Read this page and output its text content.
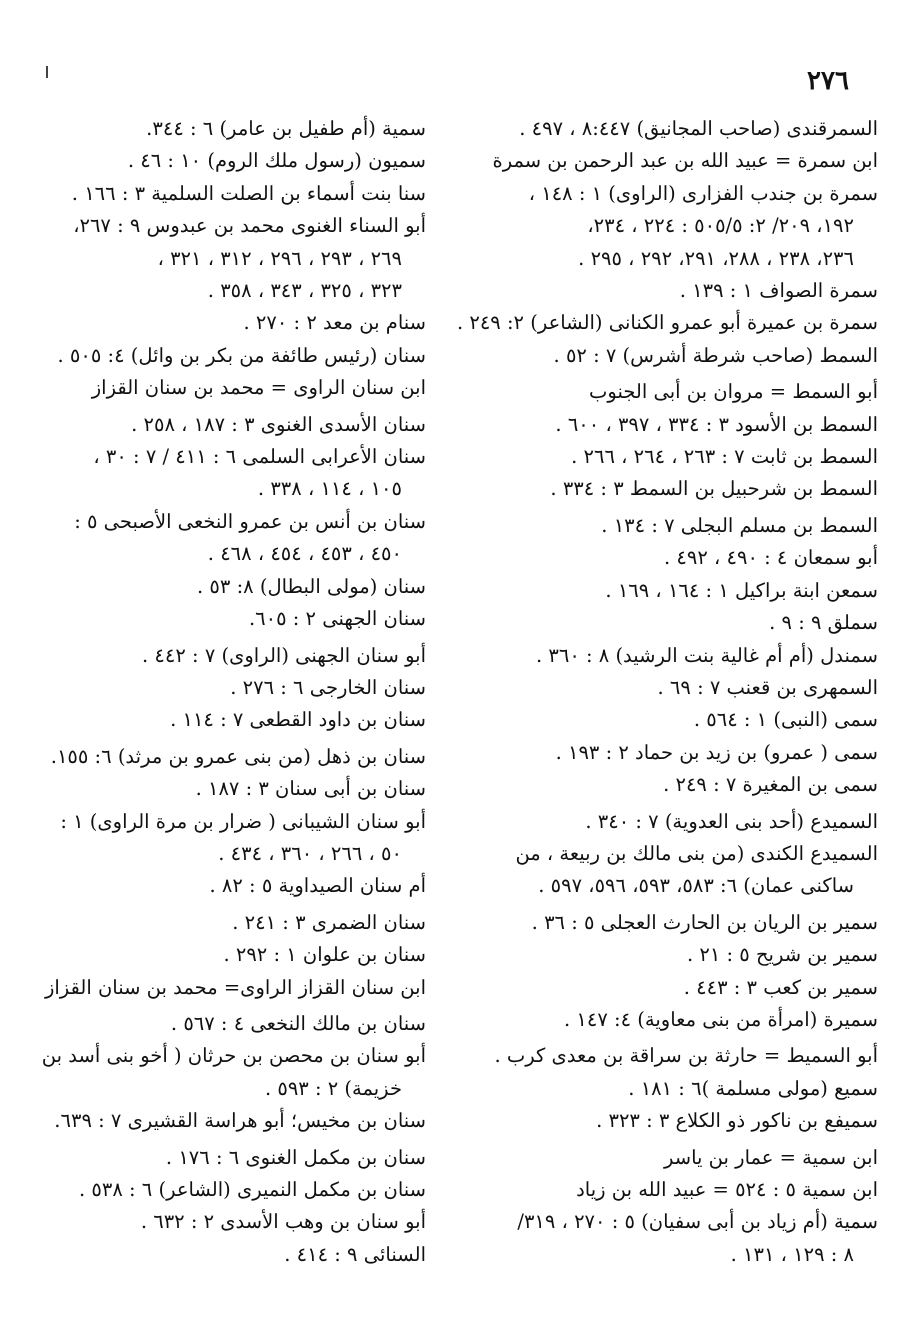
٢٧٦

السمرقندى (صاحب المجانيق) ٨:٤٤٧ ، ٤٩٧ .

ابن سمرة = عبيد الله بن عبد الرحمن بن سمرة

سمرة بن جندب الفزارى (الراوى) ١ : ١٤٨ ،

١٩٢، ٢٠٩/ ٢: ٥٠٥/٥ : ٢٢٤ ، ٢٣٤،

٢٣٦، ٢٣٨ ، ٢٨٨، ٢٩١، ٢٩٢ ، ٢٩٥ .

سمرة الصواف ١ : ١٣٩ .

سمرة بن عميرة أبو عمرو الكنانى (الشاعر) ٢: ٢٤٩ .

السمط (صاحب شرطة أشرس) ٧ : ٥٢ .

أبو السمط = مروان بن أبى الجنوب

السمط بن الأسود ٣ : ٣٣٤ ، ٣٩٧ ، ٦٠٠ .

السمط بن ثابت ٧ : ٢٦٣ ، ٢٦٤ ، ٢٦٦ .

السمط بن شرحبيل بن السمط ٣ : ٣٣٤ .

السمط بن مسلم البجلى ٧ : ١٣٤ .

أبو سمعان ٤ : ٤٩٠ ، ٤٩٢ .

سمعن ابنة براكيل ١ : ١٦٤ ، ١٦٩ .

سملق ٩ : ٩ .

سمندل (أم أم غالية بنت الرشيد) ٨ : ٣٦٠ .

السمهرى بن قعنب ٧ : ٦٩ .

سمى (النبى) ١ : ٥٦٤ .

سمى ( عمرو) بن زيد بن حماد ٢ : ١٩٣ .

سمى بن المغيرة ٧ : ٢٤٩ .

السميدع (أحد بنى العدوية) ٧ : ٣٤٠ .

السميدع الكندى (من بنى مالك بن ربيعة ، من

ساكنى عمان) ٦: ٥٨٣، ٥٩٣، ٥٩٦، ٥٩٧ .

سمير بن الريان بن الحارث العجلى ٥ : ٣٦ .

سمير بن شريح ٥ : ٢١ .

سمير بن كعب ٣ : ٤٤٣ .

سميرة (امرأة من بنى معاوية) ٤: ١٤٧ .

أبو السميط = حارثة بن سراقة بن معدى كرب .

سميع (مولى مسلمة )٦ : ١٨١ .

سميفع بن ناكور ذو الكلاع ٣ : ٣٢٣ .

ابن سمية = عمار بن ياسر

ابن سمية ٥ : ٥٢٤ = عبيد الله بن زياد

سمية (أم زياد بن أبى سفيان) ٥ : ٢٧٠ ، ٣١٩/

٨ : ١٢٩ ، ١٣١ .

سمية (أم طفيل بن عامر) ٦ : ٣٤٤.

سميون (رسول ملك الروم) ١٠ : ٤٦ .

سنا بنت أسماء بن الصلت السلمية ٣ : ١٦٦ .

أبو السناء الغنوى محمد بن عبدوس ٩ : ٢٦٧،

٢٦٩ ، ٢٩٣ ، ٢٩٦ ، ٣١٢ ، ٣٢١ ،

٣٢٣ ، ٣٢٥ ، ٣٤٣ ، ٣٥٨ .

سنام بن معد ٢ : ٢٧٠ .

سنان (رئيس طائفة من بكر بن وائل) ٤: ٥٠٥ .

ابن سنان الراوى = محمد بن سنان القزاز

سنان الأسدى الغنوى ٣ : ١٨٧ ، ٢٥٨ .

سنان الأعرابى السلمى ٦ : ٤١١ / ٧ : ٣٠ ،

١٠٥ ، ١١٤ ، ٣٣٨ .

سنان بن أنس بن عمرو النخعى الأصبحى ٥ :

٤٥٠ ، ٤٥٣ ، ٤٥٤ ، ٤٦٨ .

سنان (مولى البطال) ٨: ٥٣ .

سنان الجهنى ٢ : ٦٠٥.

أبو سنان الجهنى (الراوى) ٧ : ٤٤٢ .

سنان الخارجى ٦ : ٢٧٦ .

سنان بن داود القطعى ٧ : ١١٤ .

سنان بن ذهل (من بنى عمرو بن مرثد) ٦: ١٥٥.

سنان بن أبى سنان ٣ : ١٨٧ .

أبو سنان الشيبانى ( ضرار بن مرة الراوى) ١ :

٥٠ ، ٢٦٦ ، ٣٦٠ ، ٤٣٤ .

أم سنان الصيداوية ٥ : ٨٢ .

سنان الضمرى ٣ : ٢٤١ .

سنان بن علوان ١ : ٢٩٢ .

ابن سنان القزاز الراوى= محمد بن سنان القزاز

سنان بن مالك النخعى ٤ : ٥٦٧ .

أبو سنان بن محصن بن حرثان ( أخو بنى أسد بن

خزيمة) ٢ : ٥٩٣ .

سنان بن مخيس؛ أبو هراسة القشيرى ٧ : ٦٣٩.

سنان بن مكمل الغنوى ٦ : ١٧٦ .

سنان بن مكمل النميرى (الشاعر) ٦ : ٥٣٨ .

أبو سنان بن وهب الأسدى ٢ : ٦٣٢ .

السنائى ٩ : ٤١٤ .
